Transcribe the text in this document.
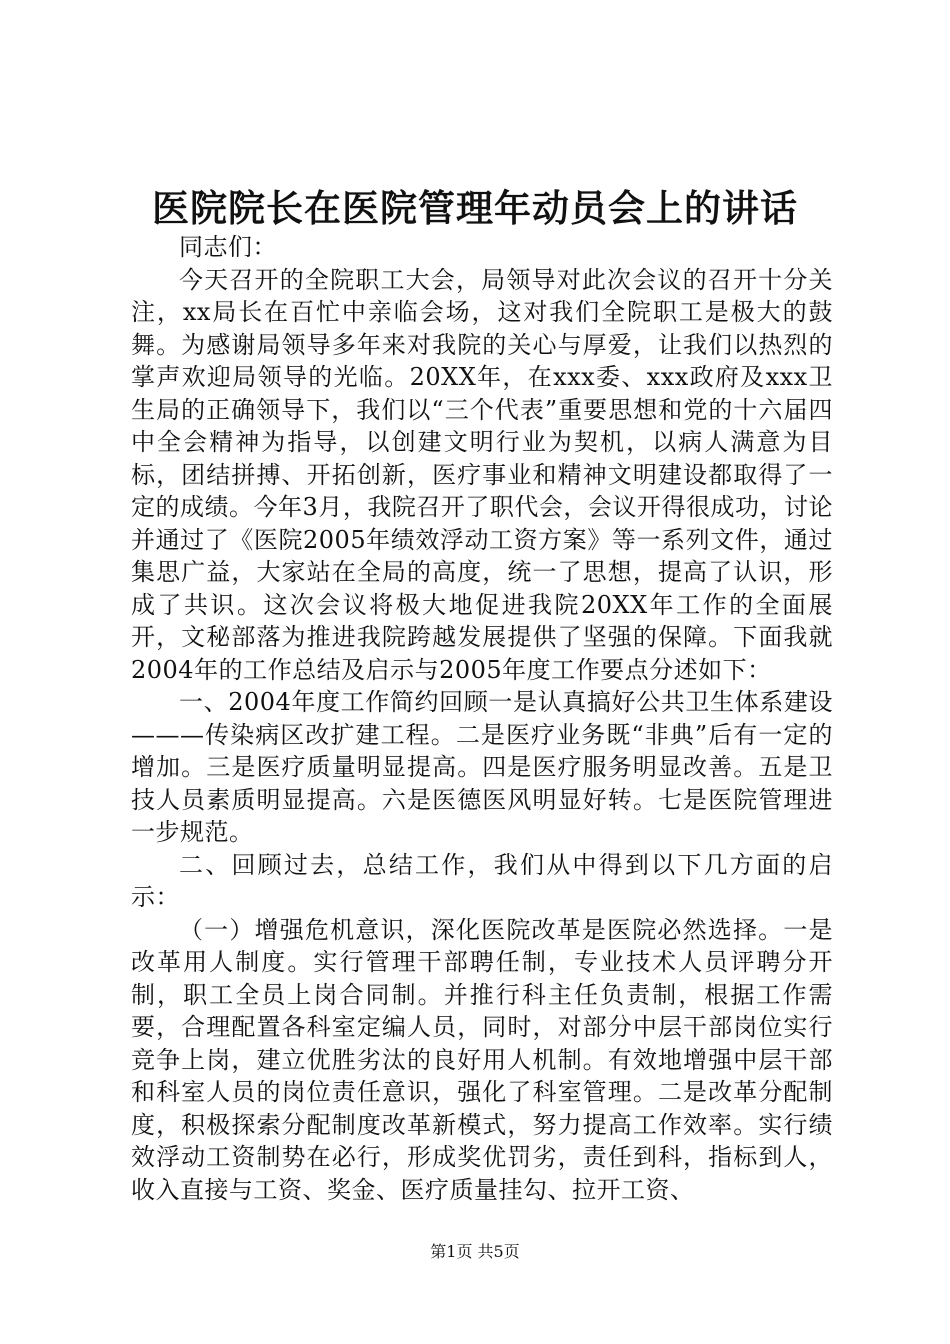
医院院长在医院管理年动员会上的讲话

同志们：

今天召开的全院职工大会，局领导对此次会议的召开十分关注，xx局长在百忙中亲临会场，这对我们全院职工是极大的鼓舞。为感谢局领导多年来对我院的关心与厚爱，让我们以热烈的掌声欢迎局领导的光临。20XX年，在xxx委、xxx政府及xxx卫生局的正确领导下，我们以“三个代表”重要思想和党的十六届四中全会精神为指导，以创建文明行业为契机，以病人满意为目标，团结拼搏、开拓创新，医疗事业和精神文明建设都取得了一定的成绩。今年3月，我院召开了职代会，会议开得很成功，讨论并通过了《医院2005年绩效浮动工资方案》等一系列文件，通过集思广益，大家站在全局的高度，统一了思想，提高了认识，形成了共识。这次会议将极大地促进我院20XX年工作的全面展开，文秘部落为推进我院跨越发展提供了坚强的保障。下面我就2004年的工作总结及启示与2005年度工作要点分述如下：

一、2004年度工作简约回顾一是认真搞好公共卫生体系建设———传染病区改扩建工程。二是医疗业务既“非典”后有一定的增加。三是医疗质量明显提高。四是医疗服务明显改善。五是卫技人员素质明显提高。六是医德医风明显好转。七是医院管理进一步规范。

二、回顾过去，总结工作，我们从中得到以下几方面的启示：

（一）增强危机意识，深化医院改革是医院必然选择。一是改革用人制度。实行管理干部聘任制，专业技术人员评聘分开制，职工全员上岗合同制。并推行科主任负责制，根据工作需要，合理配置各科室定编人员，同时，对部分中层干部岗位实行竞争上岗，建立优胜劣汰的良好用人机制。有效地增强中层干部和科室人员的岗位责任意识，强化了科室管理。二是改革分配制度，积极探索分配制度改革新模式，努力提高工作效率。实行绩效浮动工资制势在必行，形成奖优罚劣，责任到科，指标到人，收入直接与工资、奖金、医疗质量挂勾、拉开工资、

第1页 共5页
